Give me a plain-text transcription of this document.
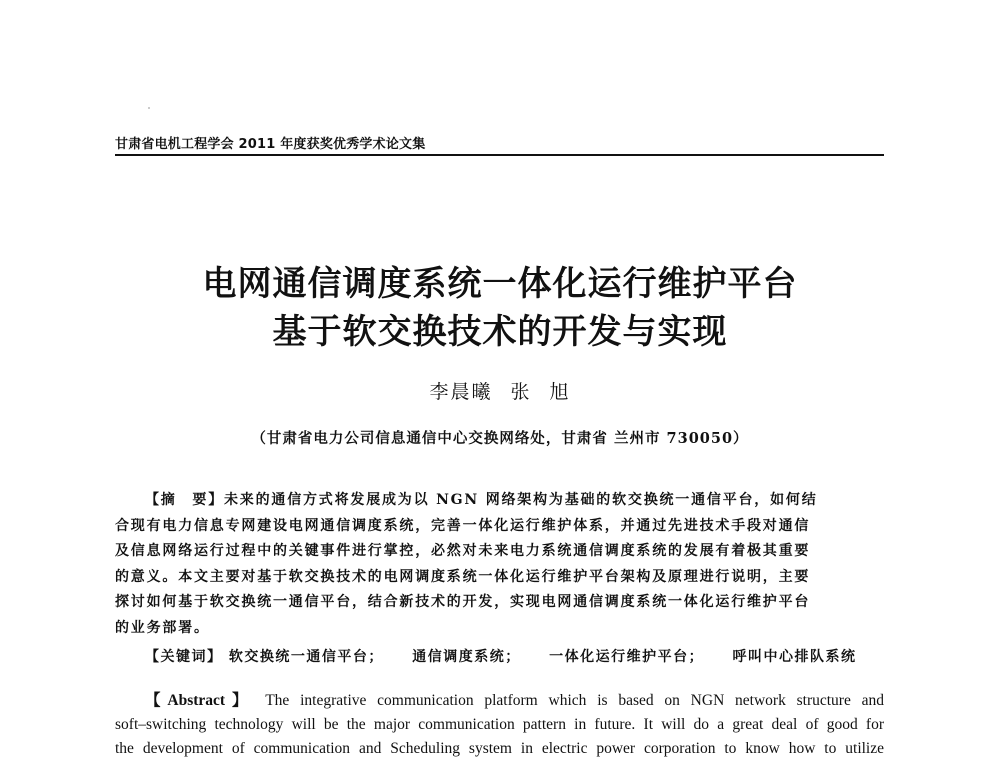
甘肃省电机工程学会 2011 年度获奖优秀学术论文集
电网通信调度系统一体化运行维护平台
基于软交换技术的开发与实现
李晨曦 张 旭
（甘肃省电力公司信息通信中心交换网络处，甘肃省 兰州市 730050）
【摘　要】未来的通信方式将发展成为以 NGN 网络架构为基础的软交换统一通信平台，如何结
合现有电力信息专网建设电网通信调度系统，完善一体化运行维护体系，并通过先进技术手段对通信
及信息网络运行过程中的关键事件进行掌控，必然对未来电力系统通信调度系统的发展有着极其重要
的意义。本文主要对基于软交换技术的电网调度系统一体化运行维护平台架构及原理进行说明，主要
探讨如何基于软交换统一通信平台，结合新技术的开发，实现电网通信调度系统一体化运行维护平台
的业务部署。
【关键词】 软交换统一通信平台； 通信调度系统； 一体化运行维护平台； 呼叫中心排队系统
【Abstract】 The integrative communication platform which is based on NGN network structure and
soft–switching technology will be the major communication pattern in future. It will do a great deal of good for
the development of communication and Scheduling system in electric power corporation to know how to utilize
